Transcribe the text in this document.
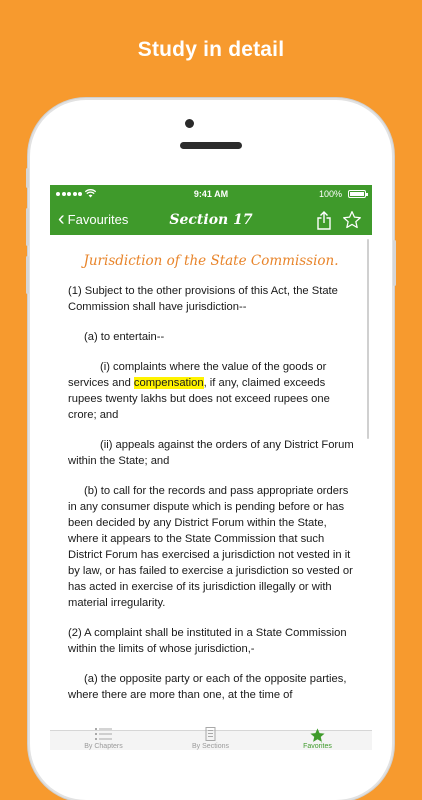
Study in detail
9:41 AM	100%
‹ Favourites	Section 17
Jurisdiction of the State Commission.

(1) Subject to the other provisions of this Act, the State Commission shall have jurisdiction--

(a) to entertain--

(i) complaints where the value of the goods or services and compensation, if any, claimed exceeds rupees twenty lakhs but does not exceed rupees one crore; and

(ii) appeals against the orders of any District Forum within the State; and

(b) to call for the records and pass appropriate orders in any consumer dispute which is pending before or has been decided by any District Forum within the State, where it appears to the State Commission that such District Forum has exercised a jurisdiction not vested in it by law, or has failed to exercise a jurisdiction so vested or has acted in exercise of its jurisdiction illegally or with material irregularity.

(2) A complaint shall be instituted in a State Commission within the limits of whose jurisdiction,-

(a) the opposite party or each of the opposite parties, where there are more than one, at the time of

By Chapters	By Sections	Favorites
